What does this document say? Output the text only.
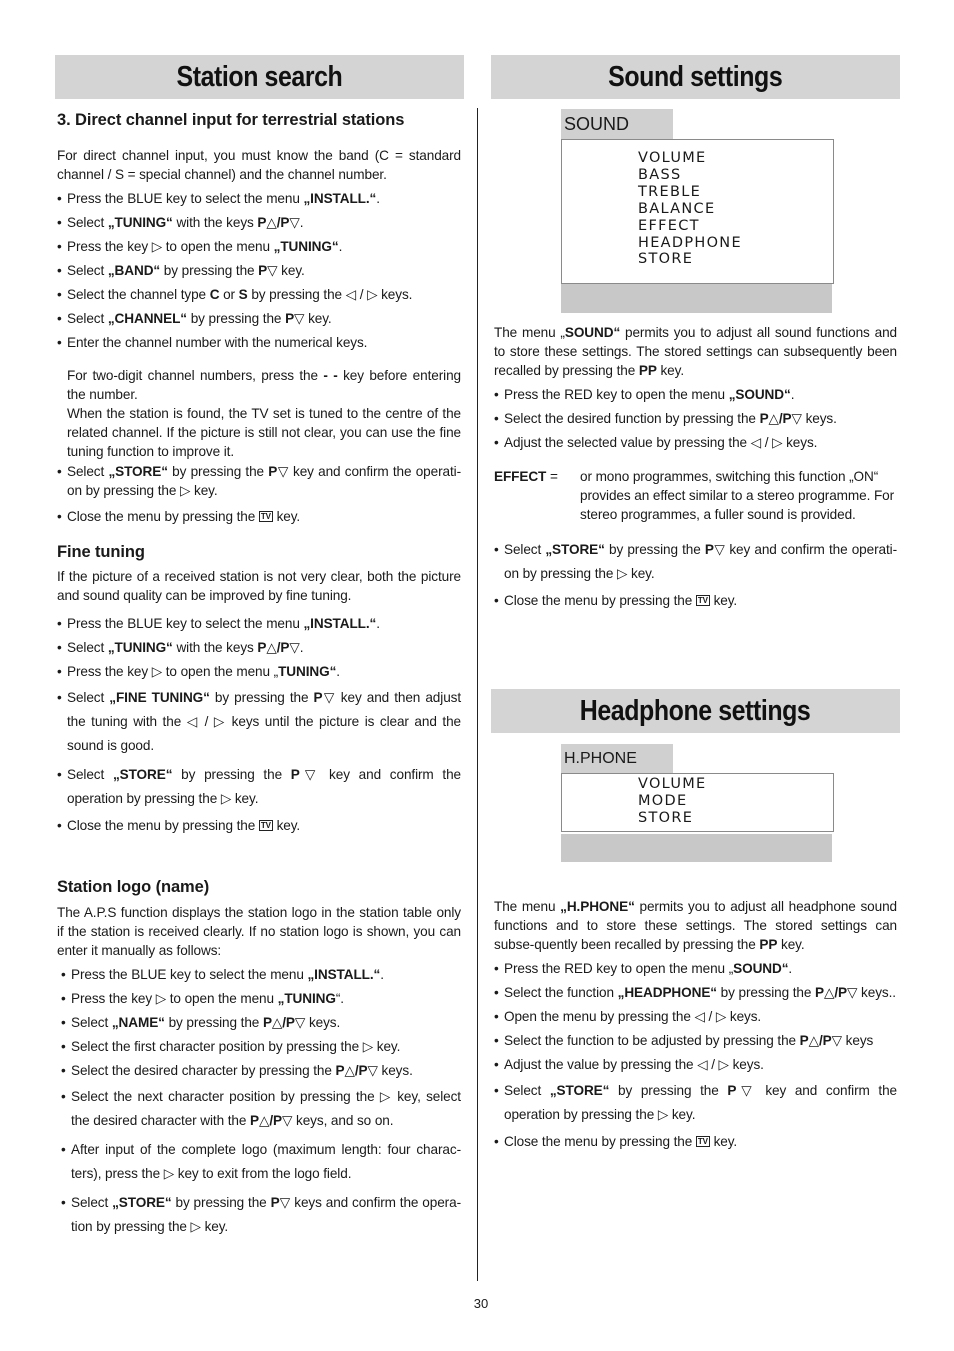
Station search	Sound settings
Headphone settings

3. Direct channel input for terrestrial stations

For direct channel input, you must know the band (C = standard channel / S = special channel) and the channel number.

• Press the BLUE key to select the menu „INSTALL.“.

• Select „TUNING“ with the keys P△/P▽.

• Press the key ▷ to open the menu „TUNING“.

• Select „BAND“ by pressing the P▽ key.

• Select the channel type C or S by pressing the ◁ / ▷ keys.

• Select „CHANNEL“ by pressing the P▽ key.

• Enter the channel number with the numerical keys.

For two-digit channel numbers, press the - - key before entering the number.

When the station is found, the TV set is tuned to the centre of the related channel. If the picture is still not clear, you can use the fine tuning function to improve it.

• Select „STORE“ by pressing the P▽ key and confirm the operati-on by pressing the ▷ key.

• Close the menu by pressing the TV key.

Fine tuning

If the picture of a received station is not very clear, both the picture and sound quality can be improved by fine tuning.

• Press the BLUE key to select the menu „INSTALL.“.

• Select „TUNING“ with the keys P△/P▽.

• Press the key ▷ to open the menu „TUNING“.

• Select „FINE TUNING“ by pressing the P▽ key and then adjust the tuning with the ◁ / ▷ keys until the picture is clear and the sound is good.

• Select „STORE“ by pressing the P▽ key and confirm the operation by pressing the ▷ key.

• Close the menu by pressing the TV key.

Station logo (name)

The A.P.S function displays the station logo in the station table only if the station is received clearly. If no station logo is shown, you can enter it manually as follows:

• Press the BLUE key to select the menu „INSTALL.“.

• Press the key ▷ to open the menu „TUNING“.

• Select „NAME“ by pressing the P△/P▽ keys.

• Select the first character position by pressing the ▷ key.

• Select the desired character by pressing the P△/P▽ keys.

• Select the next character position by pressing the ▷ key, select the desired character with the P△/P▽ keys, and so on.

• After input of the complete logo (maximum length: four charac-ters), press the ▷ key to exit from the logo field.

• Select „STORE“ by pressing the P▽ keys and confirm the opera-tion by pressing the ▷ key.

SOUND
VOLUME
BASS
TREBLE
BALANCE
EFFECT
HEADPHONE
STORE

The menu „SOUND“ permits you to adjust all sound functions and to store these settings. The stored settings can subsequently been recalled by pressing the PP key.

• Press the RED key to open the menu „SOUND“.

• Select the desired function by pressing the P△/P▽ keys.

• Adjust the selected value by pressing the ◁ / ▷ keys.

EFFECT =	or mono programmes, switching this function „ON“ provides an effect similar to a stereo programme. For stereo programmes, a fuller sound is provided.

• Select „STORE“ by pressing the P▽ key and confirm the operati-on by pressing the ▷ key.

• Close the menu by pressing the TV key.

H.PHONE
VOLUME
MODE
STORE

The menu „H.PHONE“ permits you to adjust all headphone sound functions and to store these settings. The stored settings can subse-quently been recalled by pressing the PP key.

• Press the RED key to open the menu „SOUND“.

• Select the function „HEADPHONE“ by pressing the P△/P▽ keys..

• Open the menu by pressing the ◁ / ▷ keys.

• Select the function to be adjusted by pressing the P△/P▽ keys

• Adjust the value by pressing the ◁ / ▷ keys.

• Select „STORE“ by pressing the P▽ key and confirm the operation by pressing the ▷ key.

• Close the menu by pressing the TV key.

30
